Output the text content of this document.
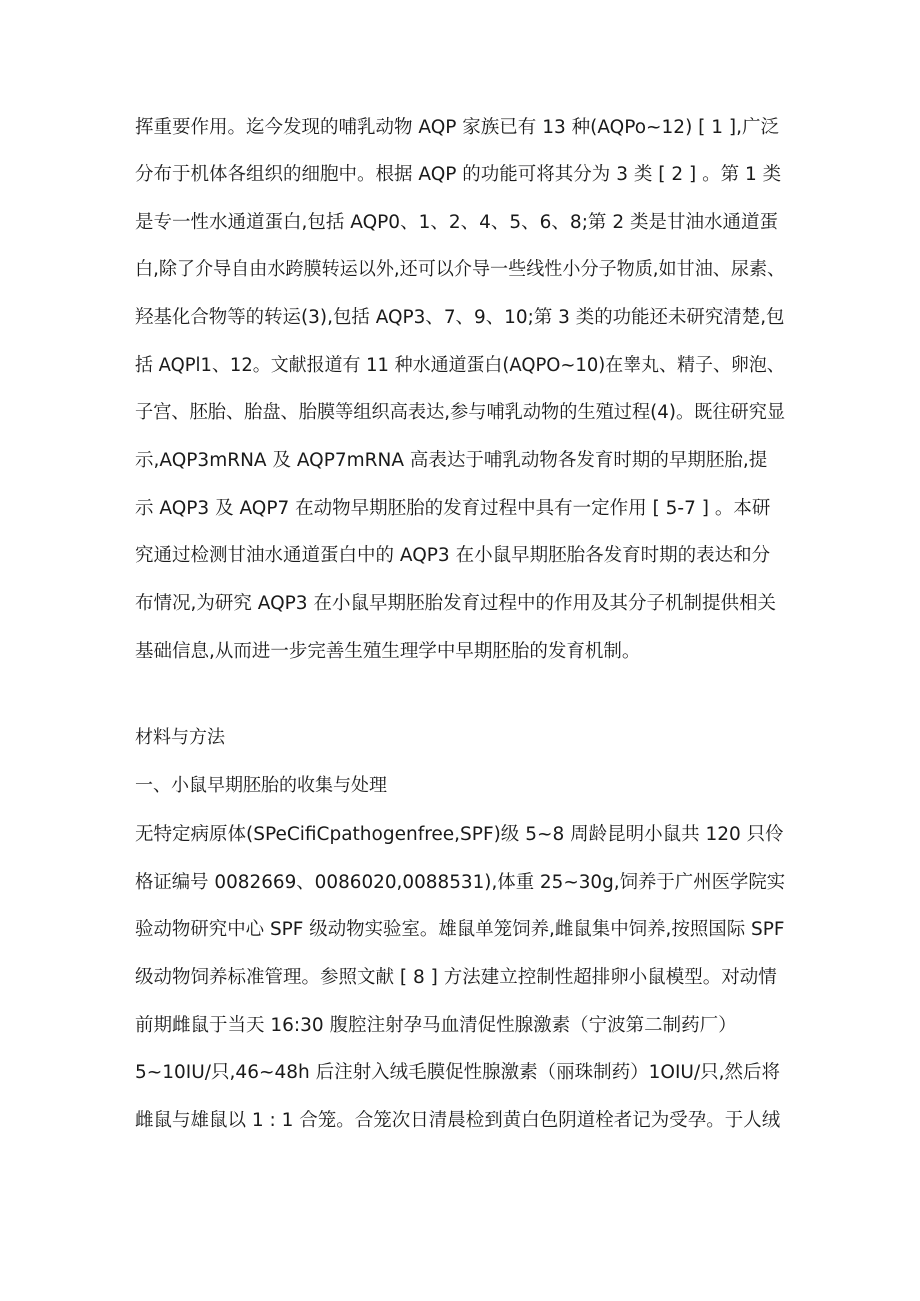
挥重要作用。迄今发现的哺乳动物 AQP 家族已有 13 种(AQPo~12) [ 1 ],广泛
分布于机体各组织的细胞中。根据 AQP 的功能可将其分为 3 类 [ 2 ] 。第 1 类
是专一性水通道蛋白,包括 AQP0、1、2、4、5、6、8;第 2 类是甘油水通道蛋
白,除了介导自由水跨膜转运以外,还可以介导一些线性小分子物质,如甘油、尿素、
羟基化合物等的转运(3),包括 AQP3、7、9、10;第 3 类的功能还未研究清楚,包
括 AQPl1、12。文献报道有 11 种水通道蛋白(AQPO~10)在睾丸、精子、卵泡、
子宫、胚胎、胎盘、胎膜等组织高表达,参与哺乳动物的生殖过程(4)。既往研究显
示,AQP3mRNA 及 AQP7mRNA 高表达于哺乳动物各发育时期的早期胚胎,提
示 AQP3 及 AQP7 在动物早期胚胎的发育过程中具有一定作用 [ 5-7 ] 。本研
究通过检测甘油水通道蛋白中的 AQP3 在小鼠早期胚胎各发育时期的表达和分
布情况,为研究 AQP3 在小鼠早期胚胎发育过程中的作用及其分子机制提供相关
基础信息,从而进一步完善生殖生理学中早期胚胎的发育机制。
材料与方法
一、小鼠早期胚胎的收集与处理
无特定病原体(SPeCifiCpathogenfree,SPF)级 5~8 周龄昆明小鼠共 120 只伶
格证编号 0082669、0086020,0088531),体重 25~30g,饲养于广州医学院实
验动物研究中心 SPF 级动物实验室。雄鼠单笼饲养,雌鼠集中饲养,按照国际 SPF
级动物饲养标准管理。参照文献 [ 8 ] 方法建立控制性超排卵小鼠模型。对动情
前期雌鼠于当天 16:30 腹腔注射孕马血清促性腺激素（宁波第二制药厂）
5~10IU/只,46~48h 后注射入绒毛膜促性腺激素（丽珠制药）1OIU/只,然后将
雌鼠与雄鼠以 1 : 1 合笼。合笼次日清晨检到黄白色阴道栓者记为受孕。于人绒
